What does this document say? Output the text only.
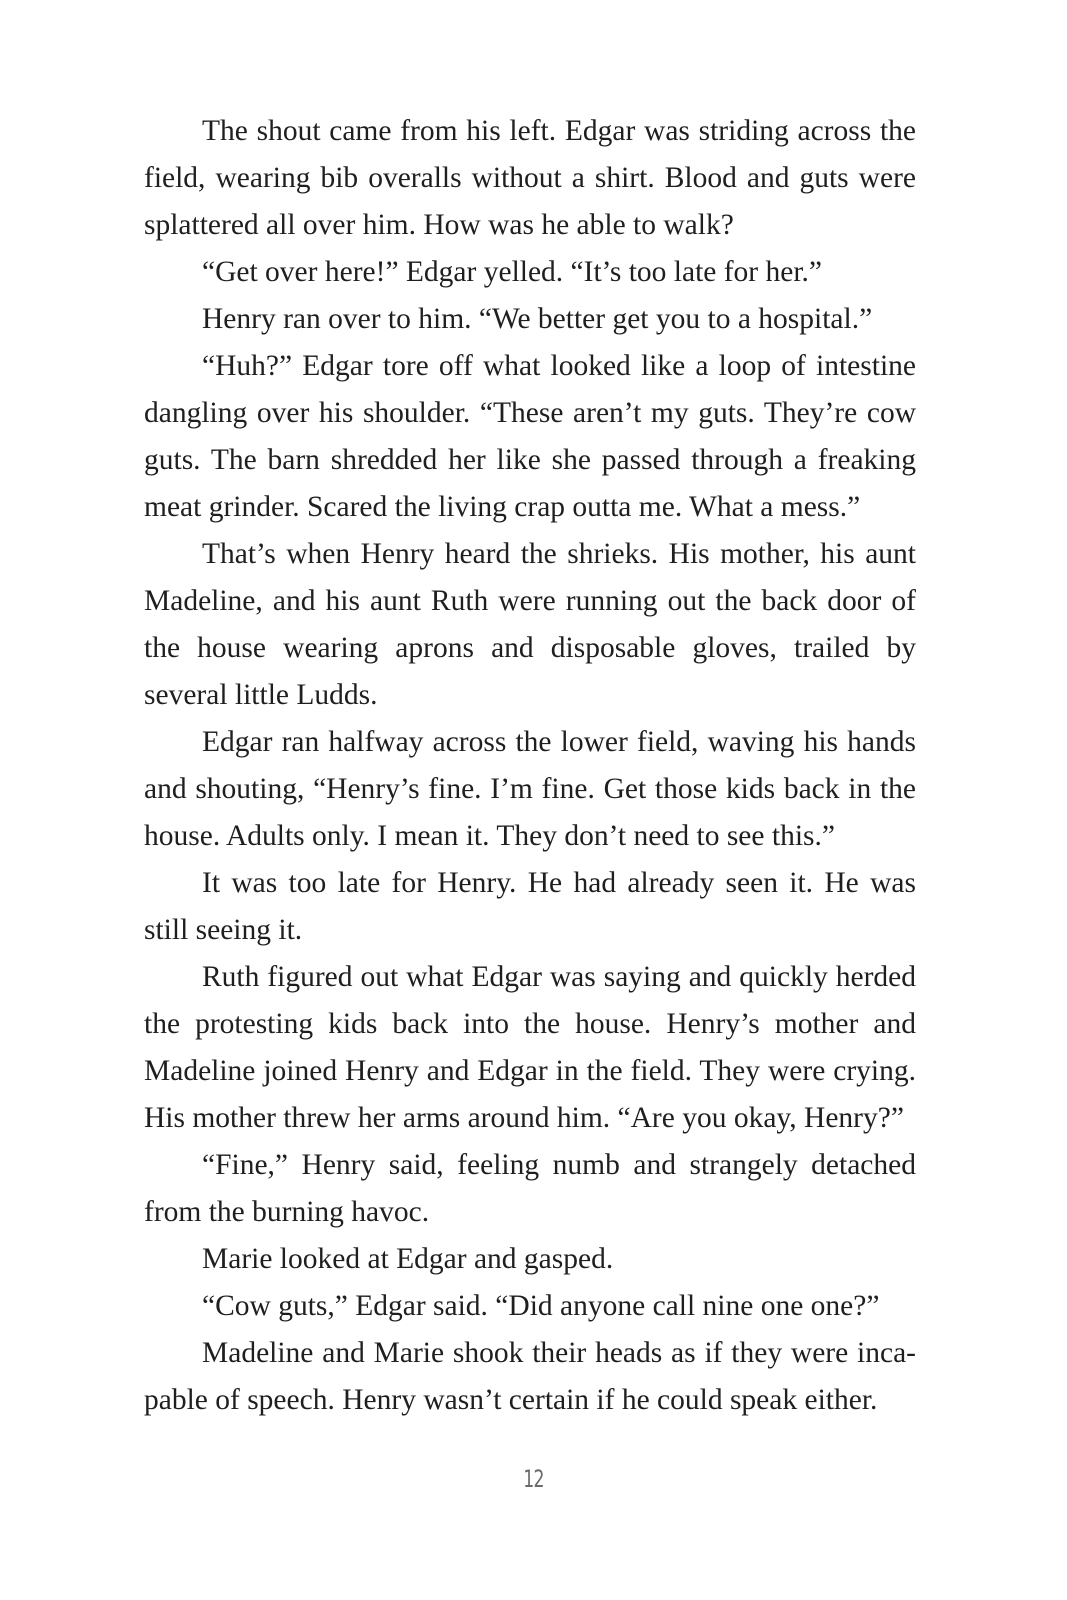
The shout came from his left. Edgar was striding across the field, wearing bib overalls without a shirt. Blood and guts were splattered all over him. How was he able to walk?

“Get over here!” Edgar yelled. “It’s too late for her.”

Henry ran over to him. “We better get you to a hospital.”

“Huh?” Edgar tore off what looked like a loop of intestine dangling over his shoulder. “These aren’t my guts. They’re cow guts. The barn shredded her like she passed through a freaking meat grinder. Scared the living crap outta me. What a mess.”

That’s when Henry heard the shrieks. His mother, his aunt Madeline, and his aunt Ruth were running out the back door of the house wearing aprons and disposable gloves, trailed by several little Ludds.

Edgar ran halfway across the lower field, waving his hands and shouting, “Henry’s fine. I’m fine. Get those kids back in the house. Adults only. I mean it. They don’t need to see this.”

It was too late for Henry. He had already seen it. He was still seeing it.

Ruth figured out what Edgar was saying and quickly herded the protesting kids back into the house. Henry’s mother and Madeline joined Henry and Edgar in the field. They were crying. His mother threw her arms around him. “Are you okay, Henry?”

“Fine,” Henry said, feeling numb and strangely detached from the burning havoc.

Marie looked at Edgar and gasped.

“Cow guts,” Edgar said. “Did anyone call nine one one?”

Madeline and Marie shook their heads as if they were incapable of speech. Henry wasn’t certain if he could speak either.

12
